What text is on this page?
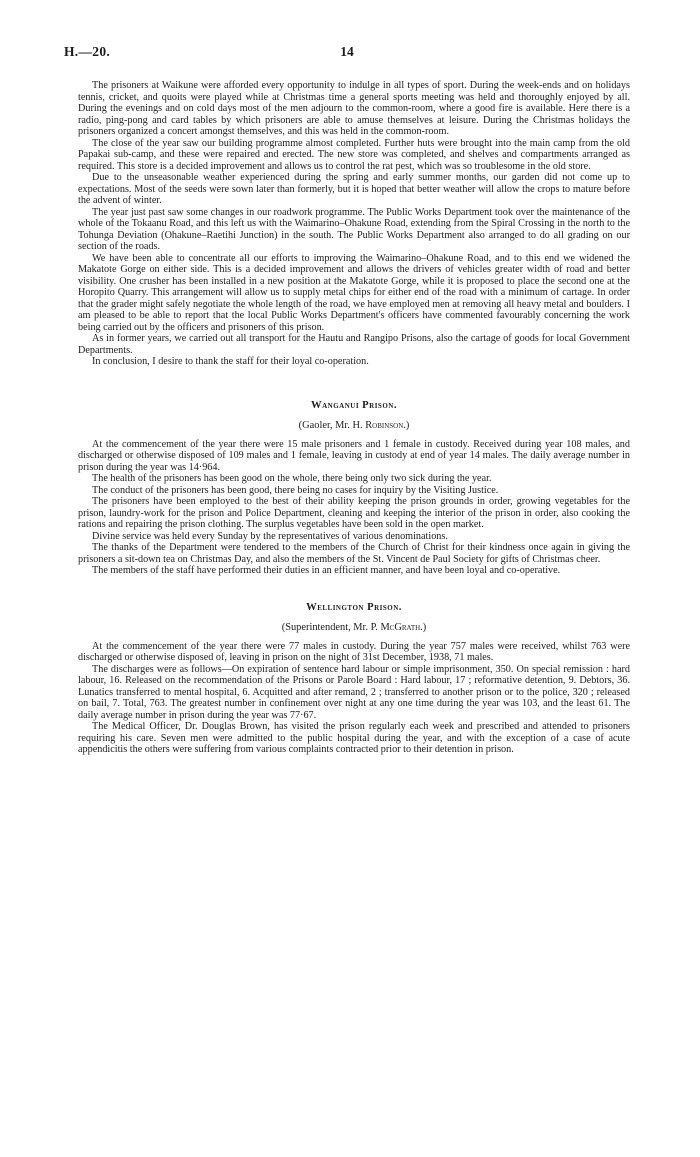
H.—20.	14

The prisoners at Waikune were afforded every opportunity to indulge in all types of sport. During the week-ends and on holidays tennis, cricket, and quoits were played while at Christmas time a general sports meeting was held and thoroughly enjoyed by all. During the evenings and on cold days most of the men adjourn to the common-room, where a good fire is available. Here there is a radio, ping-pong and card tables by which prisoners are able to amuse themselves at leisure. During the Christmas holidays the prisoners organized a concert amongst themselves, and this was held in the common-room.

The close of the year saw our building programme almost completed. Further huts were brought into the main camp from the old Papakai sub-camp, and these were repaired and erected. The new store was completed, and shelves and compartments arranged as required. This store is a decided improvement and allows us to control the rat pest, which was so troublesome in the old store.

Due to the unseasonable weather experienced during the spring and early summer months, our garden did not come up to expectations. Most of the seeds were sown later than formerly, but it is hoped that better weather will allow the crops to mature before the advent of winter.

The year just past saw some changes in our roadwork programme. The Public Works Department took over the maintenance of the whole of the Tokaanu Road, and this left us with the Waimarino–Ohakune Road, extending from the Spiral Crossing in the north to the Tohunga Deviation (Ohakune–Raetihi Junction) in the south. The Public Works Department also arranged to do all grading on our section of the roads.

We have been able to concentrate all our efforts to improving the Waimarino–Ohakune Road, and to this end we widened the Makatote Gorge on either side. This is a decided improvement and allows the drivers of vehicles greater width of road and better visibility. One crusher has been installed in a new position at the Makatote Gorge, while it is proposed to place the second one at the Horopito Quarry. This arrangement will allow us to supply metal chips for either end of the road with a minimum of cartage. In order that the grader might safely negotiate the whole length of the road, we have employed men at removing all heavy metal and boulders. I am pleased to be able to report that the local Public Works Department's officers have commented favourably concerning the work being carried out by the officers and prisoners of this prison.

As in former years, we carried out all transport for the Hautu and Rangipo Prisons, also the cartage of goods for local Government Departments.

In conclusion, I desire to thank the staff for their loyal co-operation.

Wanganui Prison.
(Gaoler, Mr. H. Robinson.)

At the commencement of the year there were 15 male prisoners and 1 female in custody. Received during year 108 males, and discharged or otherwise disposed of 109 males and 1 female, leaving in custody at end of year 14 males. The daily average number in prison during the year was 14·964.

The health of the prisoners has been good on the whole, there being only two sick during the year.

The conduct of the prisoners has been good, there being no cases for inquiry by the Visiting Justice.

The prisoners have been employed to the best of their ability keeping the prison grounds in order, growing vegetables for the prison, laundry-work for the prison and Police Department, cleaning and keeping the interior of the prison in order, also cooking the rations and repairing the prison clothing. The surplus vegetables have been sold in the open market.

Divine service was held every Sunday by the representatives of various denominations.

The thanks of the Department were tendered to the members of the Church of Christ for their kindness once again in giving the prisoners a sit-down tea on Christmas Day, and also the members of the St. Vincent de Paul Society for gifts of Christmas cheer.

The members of the staff have performed their duties in an efficient manner, and have been loyal and co-operative.

Wellington Prison.
(Superintendent, Mr. P. McGrath.)

At the commencement of the year there were 77 males in custody. During the year 757 males were received, whilst 763 were discharged or otherwise disposed of, leaving in prison on the night of 31st December, 1938, 71 males.

The discharges were as follows—On expiration of sentence hard labour or simple imprisonment, 350. On special remission : hard labour, 16. Released on the recommendation of the Prisons or Parole Board : Hard labour, 17 ; reformative detention, 9. Debtors, 36. Lunatics transferred to mental hospital, 6. Acquitted and after remand, 2 ; transferred to another prison or to the police, 320 ; released on bail, 7. Total, 763. The greatest number in confinement over night at any one time during the year was 103, and the least 61. The daily average number in prison during the year was 77·67.

The Medical Officer, Dr. Douglas Brown, has visited the prison regularly each week and prescribed and attended to prisoners requiring his care. Seven men were admitted to the public hospital during the year, and with the exception of a case of acute appendicitis the others were suffering from various complaints contracted prior to their detention in prison.
